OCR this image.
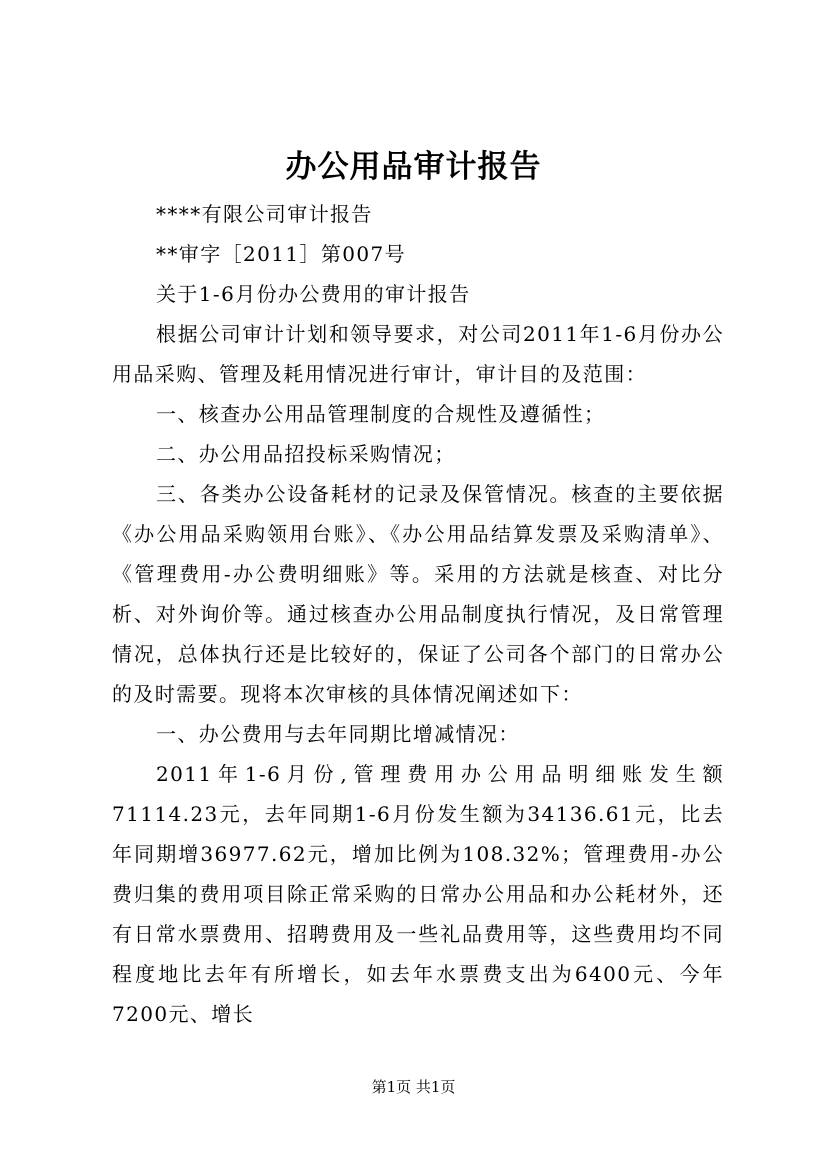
办公用品审计报告

****有限公司审计报告

**审字［2011］第007号

关于1-6月份办公费用的审计报告

根据公司审计计划和领导要求，对公司2011年1-6月份办公用品采购、管理及耗用情况进行审计，审计目的及范围：

一、核查办公用品管理制度的合规性及遵循性；

二、办公用品招投标采购情况；

三、各类办公设备耗材的记录及保管情况。核查的主要依据《办公用品采购领用台账》、《办公用品结算发票及采购清单》、《管理费用-办公费明细账》等。采用的方法就是核查、对比分析、对外询价等。通过核查办公用品制度执行情况，及日常管理情况，总体执行还是比较好的，保证了公司各个部门的日常办公的及时需要。现将本次审核的具体情况阐述如下：

一、办公费用与去年同期比增减情况：

2011年1-6月份,管理费用办公用品明细账发生额71114.23元，去年同期1-6月份发生额为34136.61元，比去年同期增36977.62元，增加比例为108.32%；管理费用-办公费归集的费用项目除正常采购的日常办公用品和办公耗材外，还有日常水票费用、招聘费用及一些礼品费用等，这些费用均不同程度地比去年有所增长，如去年水票费支出为6400元、今年7200元、增长

第1页 共1页
